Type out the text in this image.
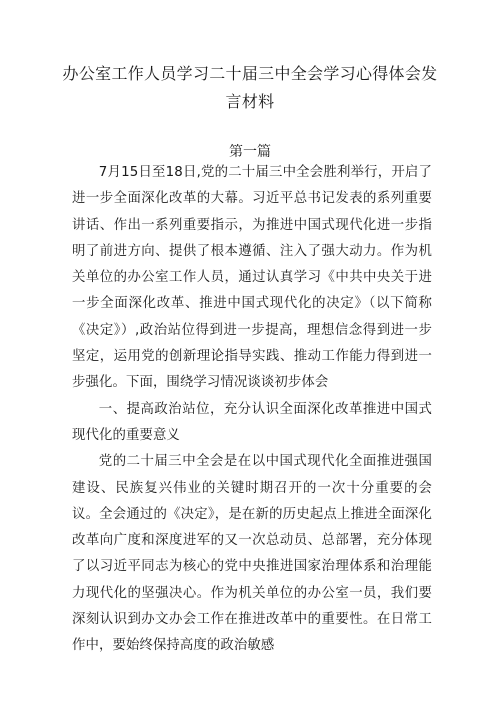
办公室工作人员学习二十届三中全会学习心得体会发言材料
第一篇

7月15日至18日,党的二十届三中全会胜利举行，开启了进一步全面深化改革的大幕。习近平总书记发表的系列重要讲话、作出一系列重要指示，为推进中国式现代化进一步指明了前进方向、提供了根本遵循、注入了强大动力。作为机关单位的办公室工作人员，通过认真学习《中共中央关于进一步全面深化改革、推进中国式现代化的决定》（以下简称《决定》）,政治站位得到进一步提高，理想信念得到进一步坚定，运用党的创新理论指导实践、推动工作能力得到进一步强化。下面，围绕学习情况谈谈初步体会

一、提高政治站位，充分认识全面深化改革推进中国式现代化的重要意义

党的二十届三中全会是在以中国式现代化全面推进强国建设、民族复兴伟业的关键时期召开的一次十分重要的会议。全会通过的《决定》，是在新的历史起点上推进全面深化改革向广度和深度进军的又一次总动员、总部署，充分体现了以习近平同志为核心的党中央推进国家治理体系和治理能力现代化的坚强决心。作为机关单位的办公室一员，我们要深刻认识到办文办会工作在推进改革中的重要性。在日常工作中，要始终保持高度的政治敏感
